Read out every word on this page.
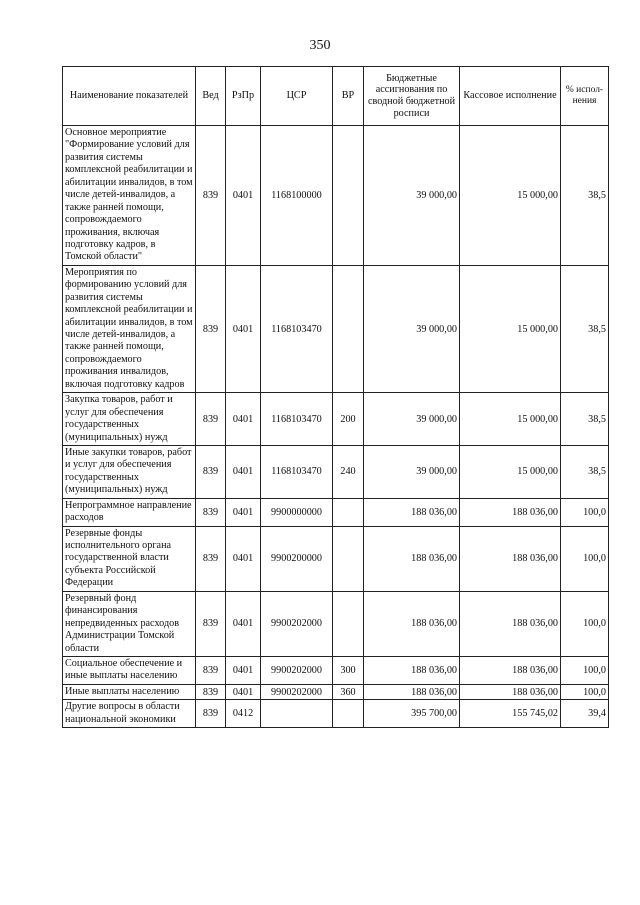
350
Наименование показателей	Вед	РзПр	ЦСР	ВР	Бюджетные ассигнования по сводной бюджетной росписи	Кассовое исполнение	% испол-нения
Основное мероприятие "Формирование условий для развития системы комплексной реабилитации и абилитации инвалидов, в том числе детей-инвалидов, а также ранней помощи, сопровождаемого проживания, включая подготовку кадров, в Томской области"	839	0401	1168100000		39 000,00	15 000,00	38,5
Мероприятия по формированию условий для развития системы комплексной реабилитации и абилитации инвалидов, в том числе детей-инвалидов, а также ранней помощи, сопровождаемого проживания инвалидов, включая подготовку кадров	839	0401	1168103470		39 000,00	15 000,00	38,5
Закупка товаров, работ и услуг для обеспечения государственных (муниципальных) нужд	839	0401	1168103470	200	39 000,00	15 000,00	38,5
Иные закупки товаров, работ и услуг для обеспечения государственных (муниципальных) нужд	839	0401	1168103470	240	39 000,00	15 000,00	38,5
Непрограммное направление расходов	839	0401	9900000000		188 036,00	188 036,00	100,0
Резервные фонды исполнительного органа государственной власти субъекта Российской Федерации	839	0401	9900200000		188 036,00	188 036,00	100,0
Резервный фонд финансирования непредвиденных расходов Администрации Томской области	839	0401	9900202000		188 036,00	188 036,00	100,0
Социальное обеспечение и иные выплаты населению	839	0401	9900202000	300	188 036,00	188 036,00	100,0
Иные выплаты населению	839	0401	9900202000	360	188 036,00	188 036,00	100,0
Другие вопросы в области национальной экономики	839	0412			395 700,00	155 745,02	39,4
